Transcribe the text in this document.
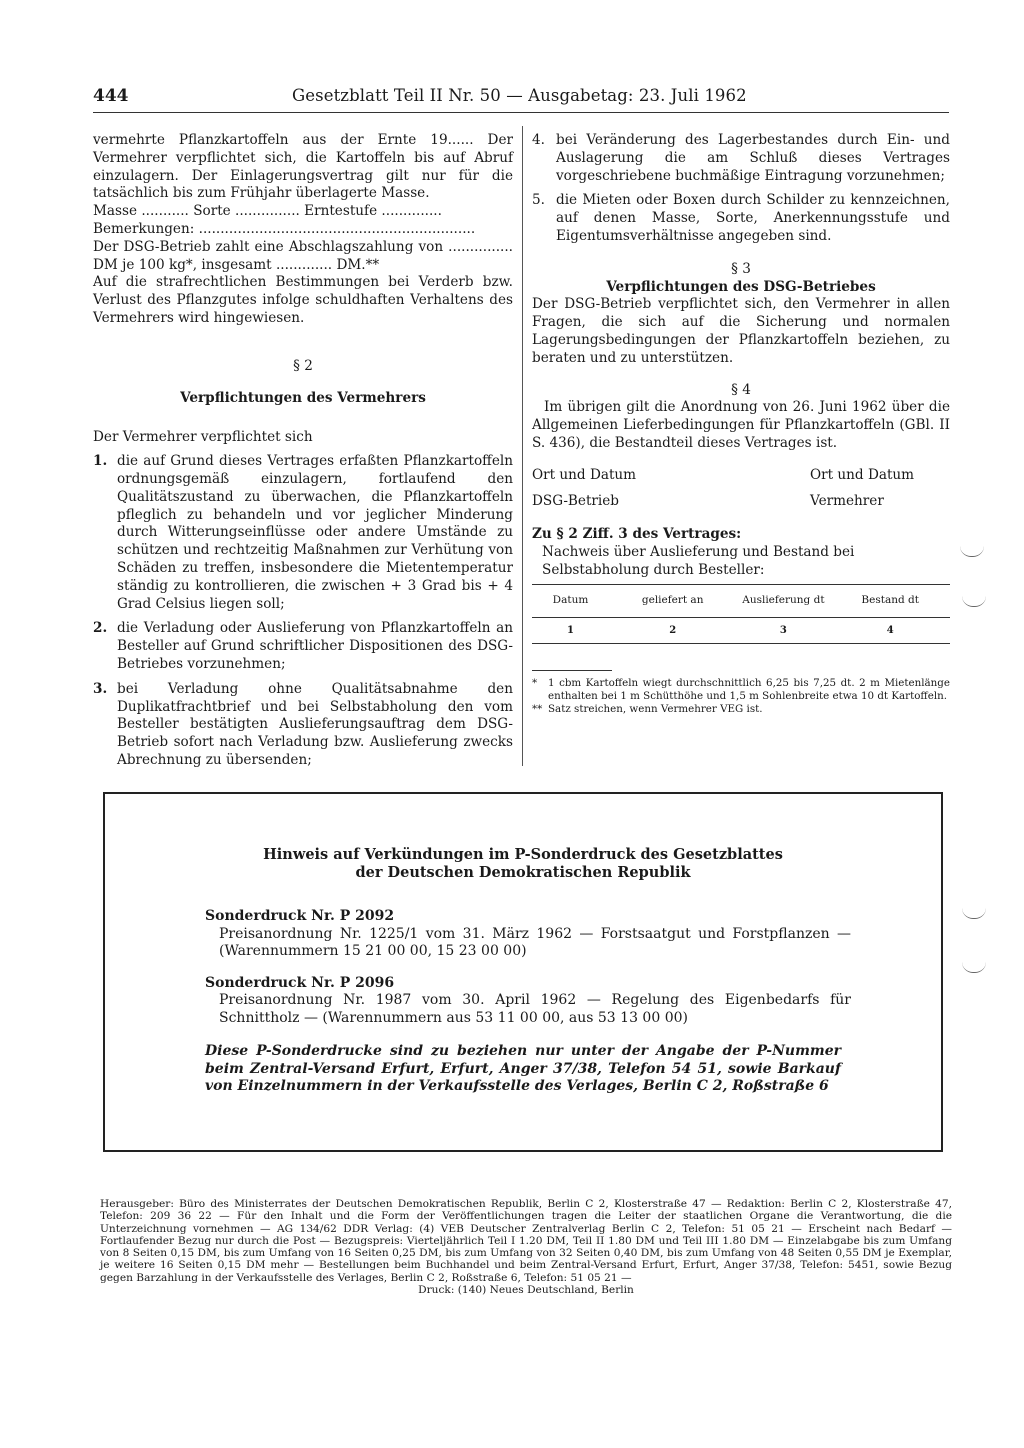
444	Gesetzblatt Teil II Nr. 50 — Ausgabetag: 23. Juli 1962

vermehrte Pflanzkartoffeln aus der Ernte 19...... Der Vermehrer verpflichtet sich, die Kartoffeln bis auf Abruf einzulagern. Der Einlagerungsvertrag gilt nur für die tatsächlich bis zum Frühjahr überlagerte Masse.

Masse ........... Sorte ............... Erntestufe ..............

Bemerkungen: ................................................................

Der DSG-Betrieb zahlt eine Abschlagszahlung von ............... DM je 100 kg*, insgesamt ............. DM.**

Auf die strafrechtlichen Bestimmungen bei Verderb bzw. Verlust des Pflanzgutes infolge schuldhaften Verhaltens des Vermehrers wird hingewiesen.

§ 2

Verpflichtungen des Vermehrers

Der Vermehrer verpflichtet sich

1. die auf Grund dieses Vertrages erfaßten Pflanzkartoffeln ordnungsgemäß einzulagern, fortlaufend den Qualitätszustand zu überwachen, die Pflanzkartoffeln pfleglich zu behandeln und vor jeglicher Minderung durch Witterungseinflüsse oder andere Umstände zu schützen und rechtzeitig Maßnahmen zur Verhütung von Schäden zu treffen, insbesondere die Mietentemperatur ständig zu kontrollieren, die zwischen + 3 Grad bis + 4 Grad Celsius liegen soll;
2. die Verladung oder Auslieferung von Pflanzkartoffeln an Besteller auf Grund schriftlicher Dispositionen des DSG-Betriebes vorzunehmen;
3. bei Verladung ohne Qualitätsabnahme den Duplikatfrachtbrief und bei Selbstabholung den vom Besteller bestätigten Auslieferungsauftrag dem DSG-Betrieb sofort nach Verladung bzw. Auslieferung zwecks Abrechnung zu übersenden;
4. bei Veränderung des Lagerbestandes durch Ein- und Auslagerung die am Schluß dieses Vertrages vorgeschriebene buchmäßige Eintragung vorzunehmen;
5. die Mieten oder Boxen durch Schilder zu kennzeichnen, auf denen Masse, Sorte, Anerkennungsstufe und Eigentumsverhältnisse angegeben sind.

§ 3

Verpflichtungen des DSG-Betriebes

Der DSG-Betrieb verpflichtet sich, den Vermehrer in allen Fragen, die sich auf die Sicherung und normalen Lagerungsbedingungen der Pflanzkartoffeln beziehen, zu beraten und zu unterstützen.

§ 4

Im übrigen gilt die Anordnung von 26. Juni 1962 über die Allgemeinen Lieferbedingungen für Pflanzkartoffeln (GBl. II S. 436), die Bestandteil dieses Vertrages ist.

Ort und Datum	Ort und Datum
DSG-Betrieb	Vermehrer

Zu § 2 Ziff. 3 des Vertrages:

Nachweis über Auslieferung und Bestand bei Selbstabholung durch Besteller:

Datum	geliefert an	Auslieferung dt	Bestand dt
1	2	3	4
*	1 cbm Kartoffeln wiegt durchschnittlich 6,25 bis 7,25 dt. 2 m Mietenlänge enthalten bei 1 m Schütthöhe und 1,5 m Sohlenbreite etwa 10 dt Kartoffeln.
** Satz streichen, wenn Vermehrer VEG ist.
Hinweis auf Verkündungen im P-Sonderdruck des Gesetzblattes
der Deutschen Demokratischen Republik

Sonderdruck Nr. P 2092

Preisanordnung Nr. 1225/1 vom 31. März 1962 — Forstsaatgut und Forstpflanzen — (Warennummern 15 21 00 00, 15 23 00 00)

Sonderdruck Nr. P 2096

Preisanordnung Nr. 1987 vom 30. April 1962 — Regelung des Eigenbedarfs für Schnittholz — (Warennummern aus 53 11 00 00, aus 53 13 00 00)

Diese P-Sonderdrucke sind zu beziehen nur unter der Angabe der P-Nummer beim Zentral-Versand Erfurt, Erfurt, Anger 37/38, Telefon 54 51, sowie Barkauf von Einzelnummern in der Verkaufsstelle des Verlages, Berlin C 2, Roßstraße 6

Herausgeber: Büro des Ministerrates der Deutschen Demokratischen Republik, Berlin C 2, Klosterstraße 47 — Redaktion: Berlin C 2, Klosterstraße 47, Telefon: 209 36 22 — Für den Inhalt und die Form der Veröffentlichungen tragen die Leiter der staatlichen Organe die Verantwortung, die die Unterzeichnung vornehmen — AG 134/62 DDR Verlag: (4) VEB Deutscher Zentralverlag Berlin C 2, Telefon: 51 05 21 — Erscheint nach Bedarf — Fortlaufender Bezug nur durch die Post — Bezugspreis: Vierteljährlich Teil I 1.20 DM, Teil II 1.80 DM und Teil III 1.80 DM — Einzelabgabe bis zum Umfang von 8 Seiten 0,15 DM, bis zum Umfang von 16 Seiten 0,25 DM, bis zum Umfang von 32 Seiten 0,40 DM, bis zum Umfang von 48 Seiten 0,55 DM je Exemplar, je weitere 16 Seiten 0,15 DM mehr — Bestellungen beim Buchhandel und beim Zentral-Versand Erfurt, Erfurt, Anger 37/38, Telefon: 5451, sowie Bezug gegen Barzahlung in der Verkaufsstelle des Verlages, Berlin C 2, Roßstraße 6, Telefon: 51 05 21 —

Druck: (140) Neues Deutschland, Berlin
